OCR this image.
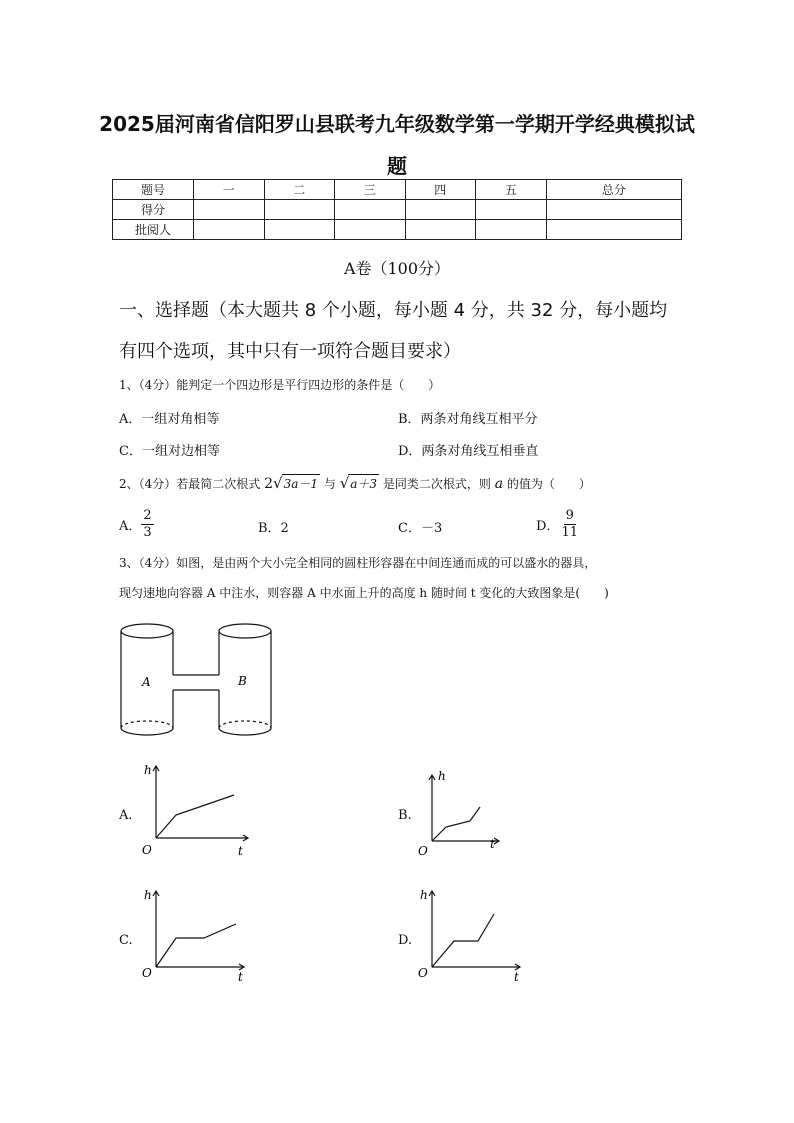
2025届河南省信阳罗山县联考九年级数学第一学期开学经典模拟试
题
题号	一	二	三	四	五	总分
得分						
批阅人						
A卷（100分）
一、选择题（本大题共 8 个小题，每小题 4 分，共 32 分，每小题均
有四个选项，其中只有一项符合题目要求）
1、（4分）能判定一个四边形是平行四边形的条件是（　　）
A．一组对角相等	B．两条对角线互相平分
C．一组对边相等	D．两条对角线互相垂直
2、（4分）若最简二次根式 2√3a－1 与 √a＋3 是同类二次根式，则 a 的值为（　　）
A． $\frac{2}{3}$	B．2	C．－3	D． $\frac{9}{11}$
3、（4分）如图，是由两个大小完全相同的圆柱形容器在中间连通而成的可以盛水的器具，
现匀速地向容器 A 中注水，则容器 A 中水面上升的高度 h 随时间 t 变化的大致图象是(　　)
A	B
A.	B.
C.	D.
h
t
O
h
t
O
h
t
O
h
t
O
